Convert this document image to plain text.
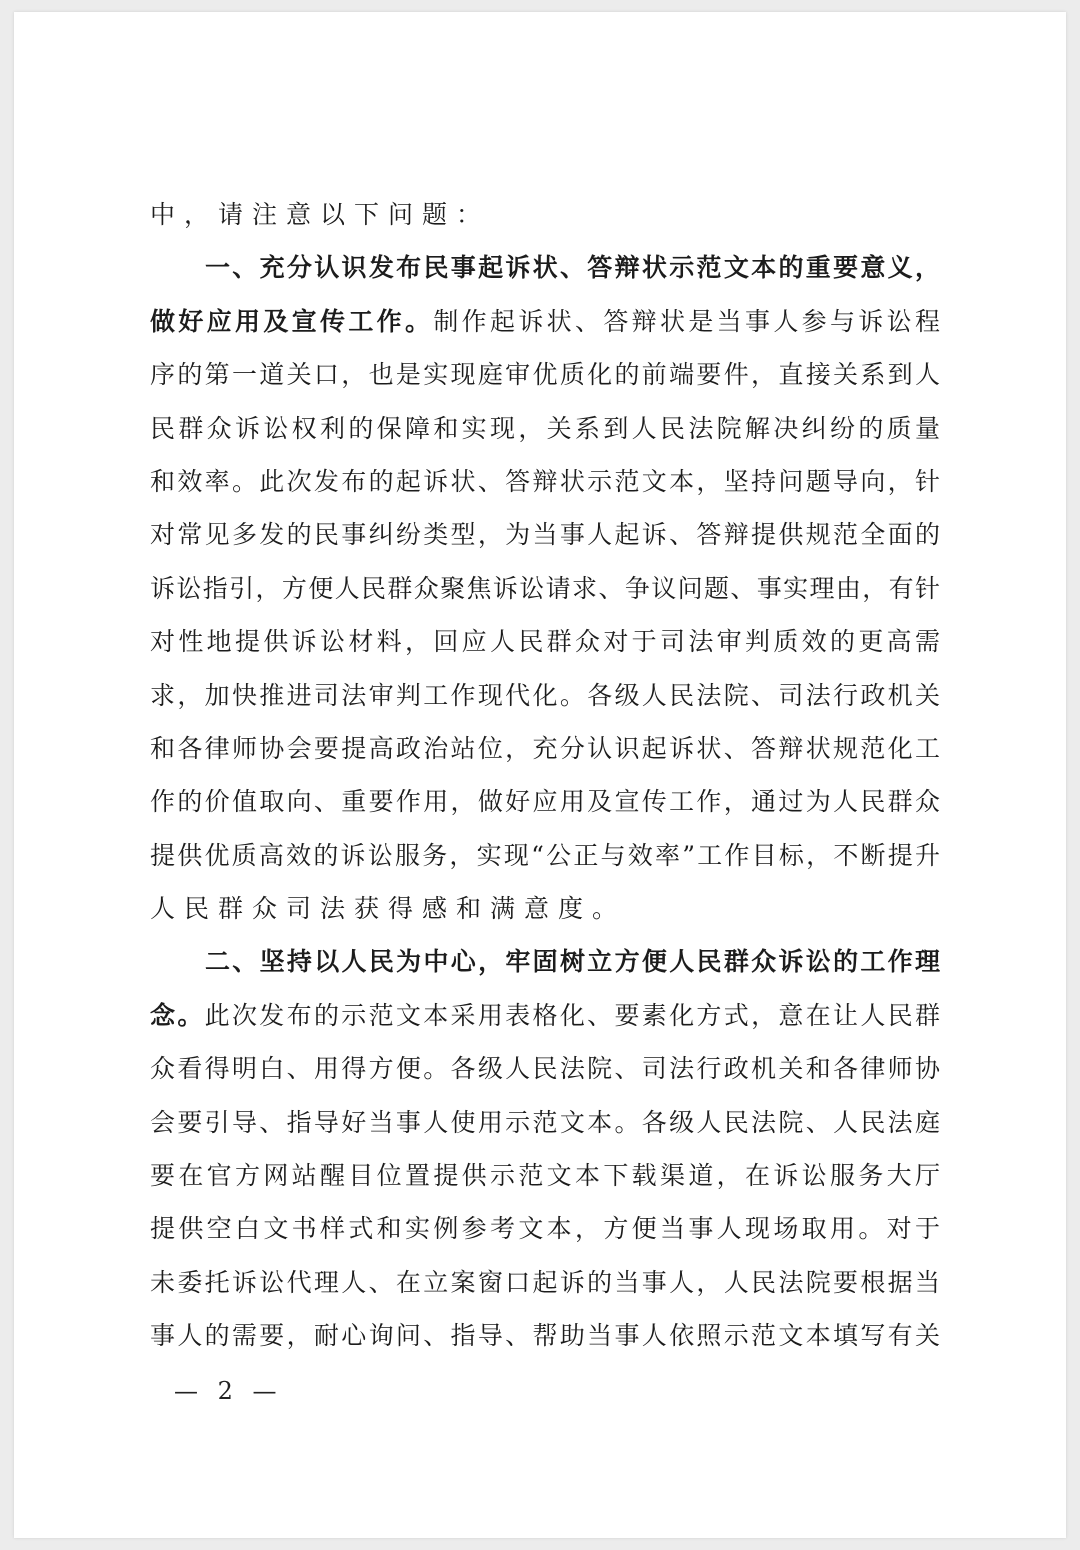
中，请注意以下问题：
一、充分认识发布民事起诉状、答辩状示范文本的重要意义，
做好应用及宣传工作。制作起诉状、答辩状是当事人参与诉讼程
序的第一道关口，也是实现庭审优质化的前端要件，直接关系到人
民群众诉讼权利的保障和实现，关系到人民法院解决纠纷的质量
和效率。此次发布的起诉状、答辩状示范文本，坚持问题导向，针
对常见多发的民事纠纷类型，为当事人起诉、答辩提供规范全面的
诉讼指引，方便人民群众聚焦诉讼请求、争议问题、事实理由，有针
对性地提供诉讼材料，回应人民群众对于司法审判质效的更高需
求，加快推进司法审判工作现代化。各级人民法院、司法行政机关
和各律师协会要提高政治站位，充分认识起诉状、答辩状规范化工
作的价值取向、重要作用，做好应用及宣传工作，通过为人民群众
提供优质高效的诉讼服务，实现“公正与效率”工作目标，不断提升
人民群众司法获得感和满意度。
二、坚持以人民为中心，牢固树立方便人民群众诉讼的工作理
念。此次发布的示范文本采用表格化、要素化方式，意在让人民群
众看得明白、用得方便。各级人民法院、司法行政机关和各律师协
会要引导、指导好当事人使用示范文本。各级人民法院、人民法庭
要在官方网站醒目位置提供示范文本下载渠道，在诉讼服务大厅
提供空白文书样式和实例参考文本，方便当事人现场取用。对于
未委托诉讼代理人、在立案窗口起诉的当事人，人民法院要根据当
事人的需要，耐心询问、指导、帮助当事人依照示范文本填写有关
— 2 —
